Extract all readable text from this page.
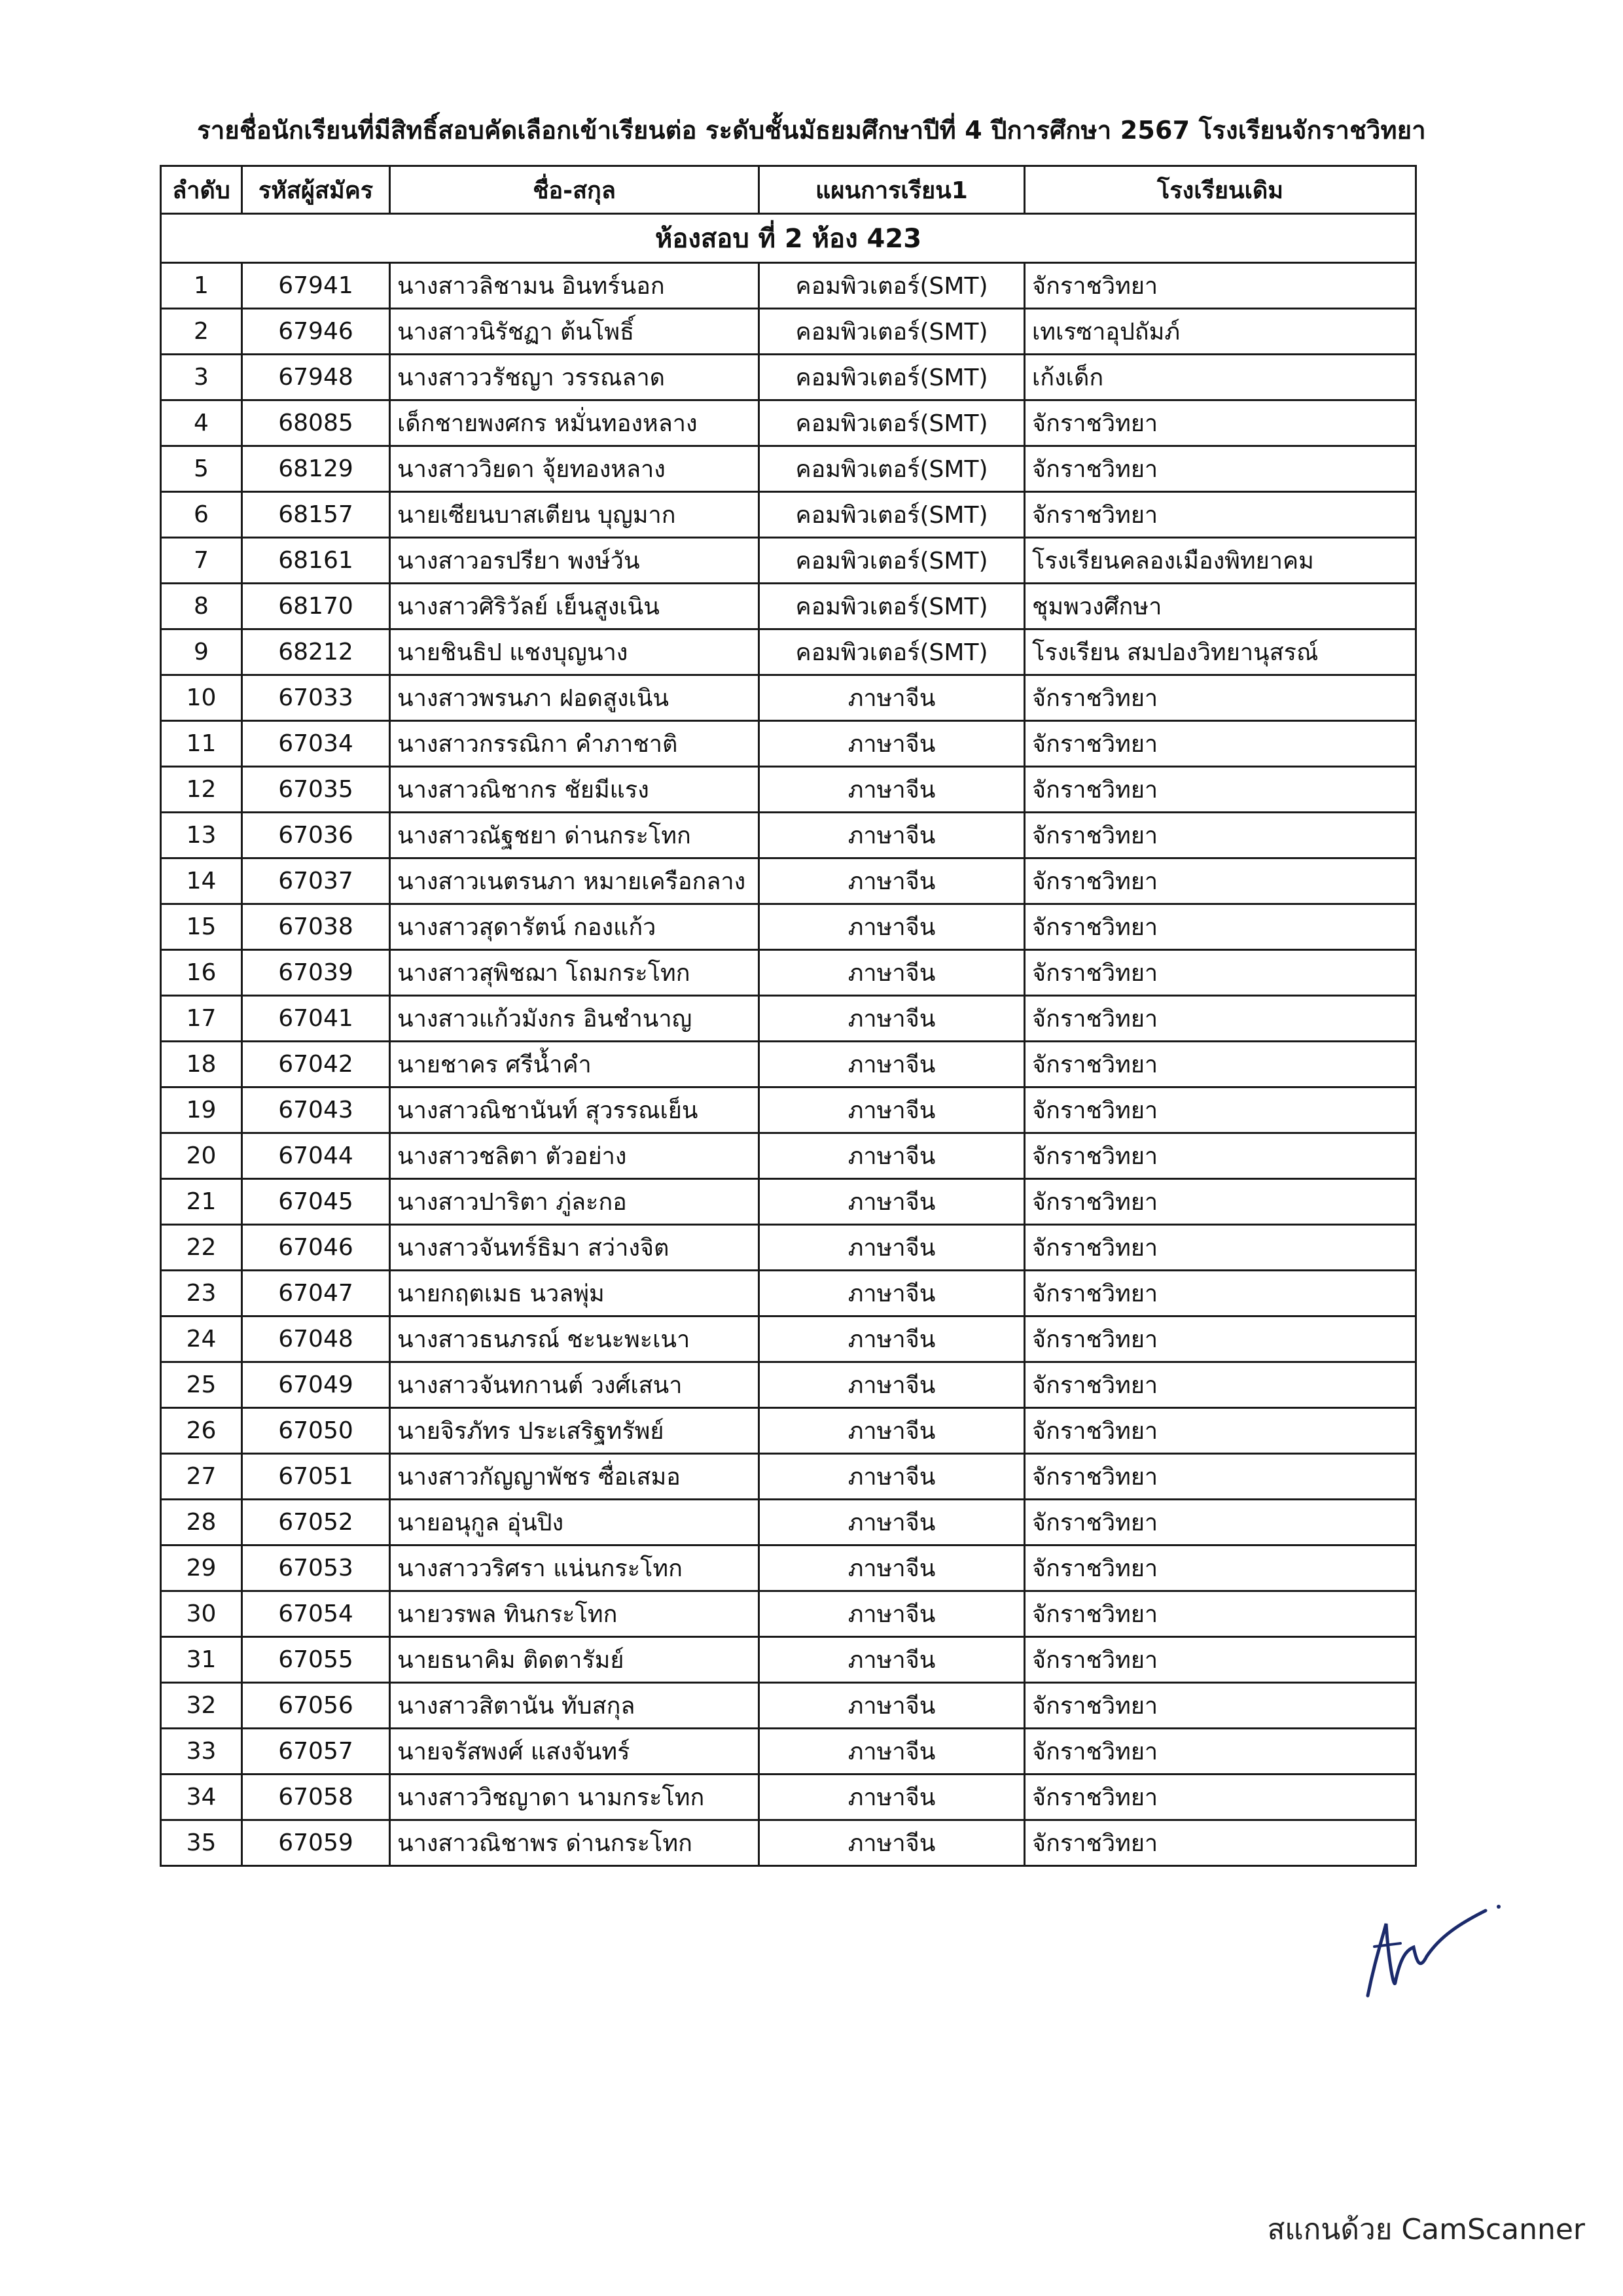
รายชื่อนักเรียนที่มีสิทธิ์สอบคัดเลือกเข้าเรียนต่อ ระดับชั้นมัธยมศึกษาปีที่ 4 ปีการศึกษา 2567 โรงเรียนจักราชวิทยา
ลำดับ	รหัสผู้สมัคร	ชื่อ-สกุล	แผนการเรียน1	โรงเรียนเดิม
ห้องสอบ ที่ 2 ห้อง 423				
1	67941	นางสาวลิชามน อินทร์นอก	คอมพิวเตอร์(SMT)	จักราชวิทยา
2	67946	นางสาวนิรัชฏา ต้นโพธิ์	คอมพิวเตอร์(SMT)	เทเรซาอุปถัมภ์
3	67948	นางสาววรัชญา วรรณลาด	คอมพิวเตอร์(SMT)	เก้งเด็ก
4	68085	เด็กชายพงศกร หมั่นทองหลาง	คอมพิวเตอร์(SMT)	จักราชวิทยา
5	68129	นางสาววิยดา จุ้ยทองหลาง	คอมพิวเตอร์(SMT)	จักราชวิทยา
6	68157	นายเซียนบาสเตียน บุญมาก	คอมพิวเตอร์(SMT)	จักราชวิทยา
7	68161	นางสาวอรปรียา พงษ์วัน	คอมพิวเตอร์(SMT)	โรงเรียนคลองเมืองพิทยาคม
8	68170	นางสาวศิริวัลย์ เย็นสูงเนิน	คอมพิวเตอร์(SMT)	ชุมพวงศึกษา
9	68212	นายชินธิป แชงบุญนาง	คอมพิวเตอร์(SMT)	โรงเรียน สมปองวิทยานุสรณ์
10	67033	นางสาวพรนภา ฝอดสูงเนิน	ภาษาจีน	จักราชวิทยา
11	67034	นางสาวกรรณิกา คำภาชาติ	ภาษาจีน	จักราชวิทยา
12	67035	นางสาวณิชากร ชัยมีแรง	ภาษาจีน	จักราชวิทยา
13	67036	นางสาวณัฐชยา ด่านกระโทก	ภาษาจีน	จักราชวิทยา
14	67037	นางสาวเนตรนภา หมายเครือกลาง	ภาษาจีน	จักราชวิทยา
15	67038	นางสาวสุดารัตน์ กองแก้ว	ภาษาจีน	จักราชวิทยา
16	67039	นางสาวสุพิชฌา โถมกระโทก	ภาษาจีน	จักราชวิทยา
17	67041	นางสาวแก้วมังกร อินชำนาญ	ภาษาจีน	จักราชวิทยา
18	67042	นายชาคร ศรีน้ำคำ	ภาษาจีน	จักราชวิทยา
19	67043	นางสาวณิชานันท์ สุวรรณเย็น	ภาษาจีน	จักราชวิทยา
20	67044	นางสาวชลิตา ตัวอย่าง	ภาษาจีน	จักราชวิทยา
21	67045	นางสาวปาริตา ภู่ละกอ	ภาษาจีน	จักราชวิทยา
22	67046	นางสาวจันทร์ธิมา สว่างจิต	ภาษาจีน	จักราชวิทยา
23	67047	นายกฤตเมธ นวลพุ่ม	ภาษาจีน	จักราชวิทยา
24	67048	นางสาวธนภรณ์ ชะนะพะเนา	ภาษาจีน	จักราชวิทยา
25	67049	นางสาวจันทกานต์ วงศ์เสนา	ภาษาจีน	จักราชวิทยา
26	67050	นายจิรภัทร ประเสริฐทรัพย์	ภาษาจีน	จักราชวิทยา
27	67051	นางสาวกัญญาพัชร ซื่อเสมอ	ภาษาจีน	จักราชวิทยา
28	67052	นายอนุกูล อุ่นปิง	ภาษาจีน	จักราชวิทยา
29	67053	นางสาววริศรา แน่นกระโทก	ภาษาจีน	จักราชวิทยา
30	67054	นายวรพล ทินกระโทก	ภาษาจีน	จักราชวิทยา
31	67055	นายธนาคิม ติดตารัมย์	ภาษาจีน	จักราชวิทยา
32	67056	นางสาวสิตานัน ทับสกุล	ภาษาจีน	จักราชวิทยา
33	67057	นายจรัสพงศ์ แสงจันทร์	ภาษาจีน	จักราชวิทยา
34	67058	นางสาววิชญาดา นามกระโทก	ภาษาจีน	จักราชวิทยา
35	67059	นางสาวณิชาพร ด่านกระโทก	ภาษาจีน	จักราชวิทยา
สแกนด้วย CamScanner
